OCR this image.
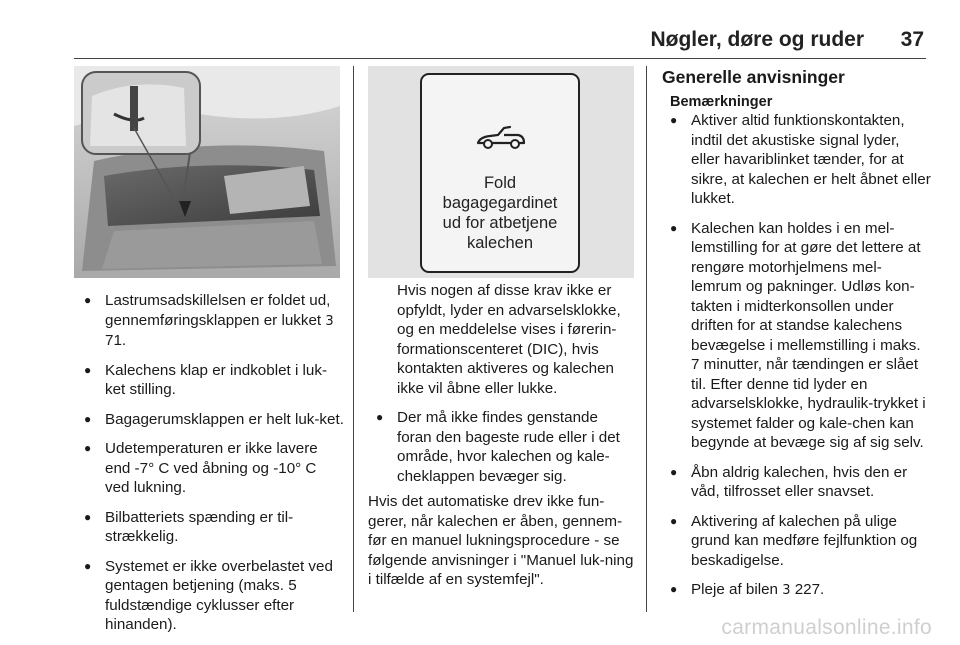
Nøgler, døre og ruder 37
● Lastrumsadskillelsen er foldet ud, gennemføringsklappen er lukket 3 71.
● Kalechens klap er indkoblet i luk-ket stilling.
● Bagagerumsklappen er helt luk-ket.
● Udetemperaturen er ikke lavere end -7° C ved åbning og -10° C ved lukning.
● Bilbatteriets spænding er til-strækkelig.
● Systemet er ikke overbelastet ved gentagen betjening (maks. 5 fuldstændige cyklusser efter hinanden).
Fold
bagagegardinet
ud for atbetjene
kalechen

Hvis nogen af disse krav ikke er opfyldt, lyder en advarselsklokke, og en meddelelse vises i førerin-formationscenteret (DIC), hvis kontakten aktiveres og kalechen ikke vil åbne eller lukke.

● Der må ikke findes genstande foran den bageste rude eller i det område, hvor kalechen og kale-cheklappen bevæger sig.

Hvis det automatiske drev ikke fun-gerer, når kalechen er åben, gennem-før en manuel lukningsprocedure - se følgende anvisninger i "Manuel luk-ning i tilfælde af en systemfejl".

Generelle anvisninger

Bemærkninger

● Aktiver altid funktionskontakten, indtil det akustiske signal lyder, eller havariblinket tænder, for at sikre, at kalechen er helt åbnet eller lukket.
● Kalechen kan holdes i en mel-lemstilling for at gøre det lettere at rengøre motorhjelmens mel-lemrum og pakninger. Udløs kon-takten i midterkonsollen under driften for at standse kalechens bevægelse i mellemstilling i maks. 7 minutter, når tændingen er slået til. Efter denne tid lyder en advarselsklokke, hydraulik-trykket i systemet falder og kale-chen kan begynde at bevæge sig af sig selv.
● Åbn aldrig kalechen, hvis den er våd, tilfrosset eller snavset.
● Aktivering af kalechen på ulige grund kan medføre fejlfunktion og beskadigelse.
● Pleje af bilen 3 227.
carmanualsonline.info
